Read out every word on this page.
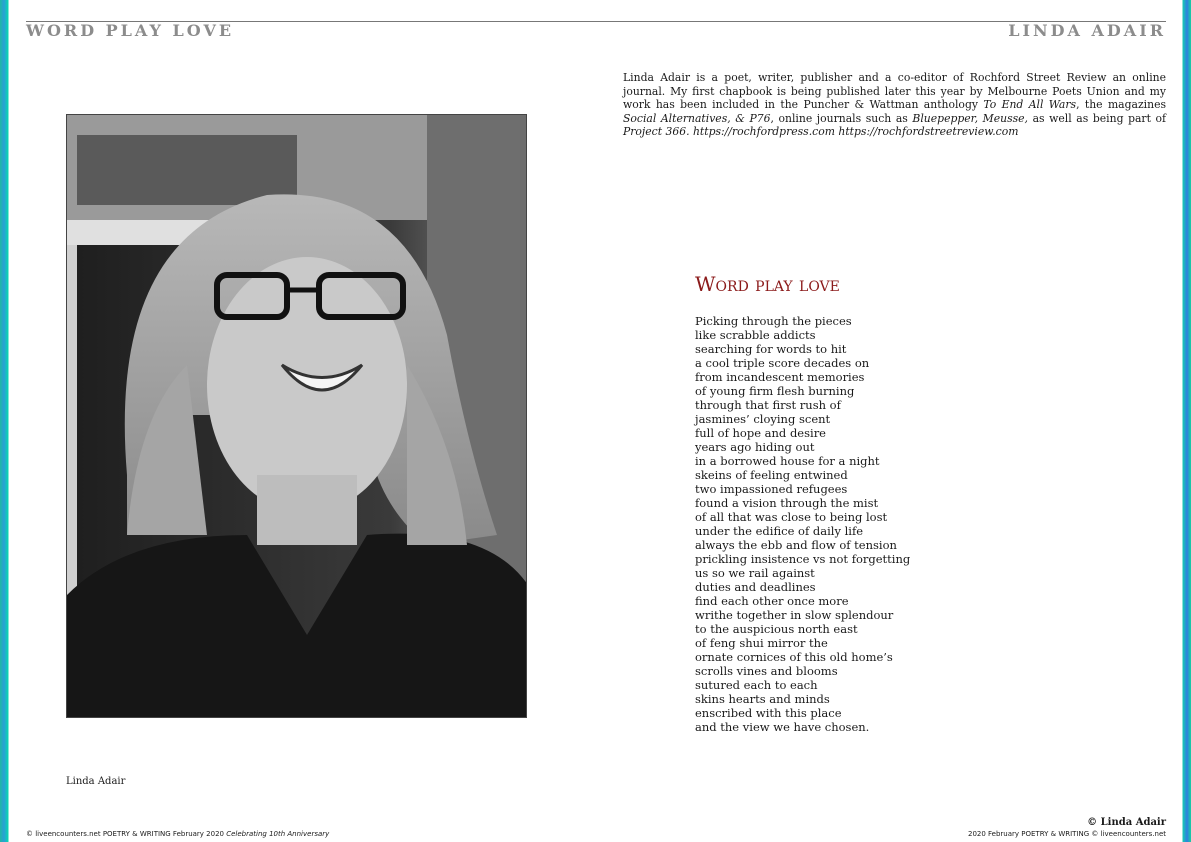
WORD PLAY LOVE	LINDA ADAIR
Linda Adair
Linda Adair is a poet, writer, publisher and a co-editor of Rochford Street Review an online journal. My first chapbook is being published later this year by Melbourne Poets Union and my work has been included in the Puncher & Wattman anthology To End All Wars, the magazines Social Alternatives, & P76, online journals such as Bluepepper, Meusse, as well as being part of Project 366. https://rochfordpress.com https://rochfordstreetreview.com
Word play love
Picking through the pieces
like scrabble addicts
searching for words to hit
a cool triple score decades on
from incandescent memories
of young firm flesh burning
through that first rush of
jasmines’ cloying scent
full of hope and desire
years ago hiding out
in a borrowed house for a night
skeins of feeling entwined
two impassioned refugees
found a vision through the mist
of all that was close to being lost
under the edifice of daily life
always the ebb and flow of tension
prickling insistence vs not forgetting
us so we rail against
duties and deadlines
find each other once more
writhe together in slow splendour
to the auspicious north east
of feng shui mirror the
ornate cornices of this old home’s
scrolls vines and blooms
sutured each to each
skins hearts and minds
enscribed with this place
and the view we have chosen.
© Linda Adair
© liveencounters.net POETRY & WRITING February 2020 Celebrating 10th Anniversary	2020 February POETRY & WRITING © liveencounters.net
